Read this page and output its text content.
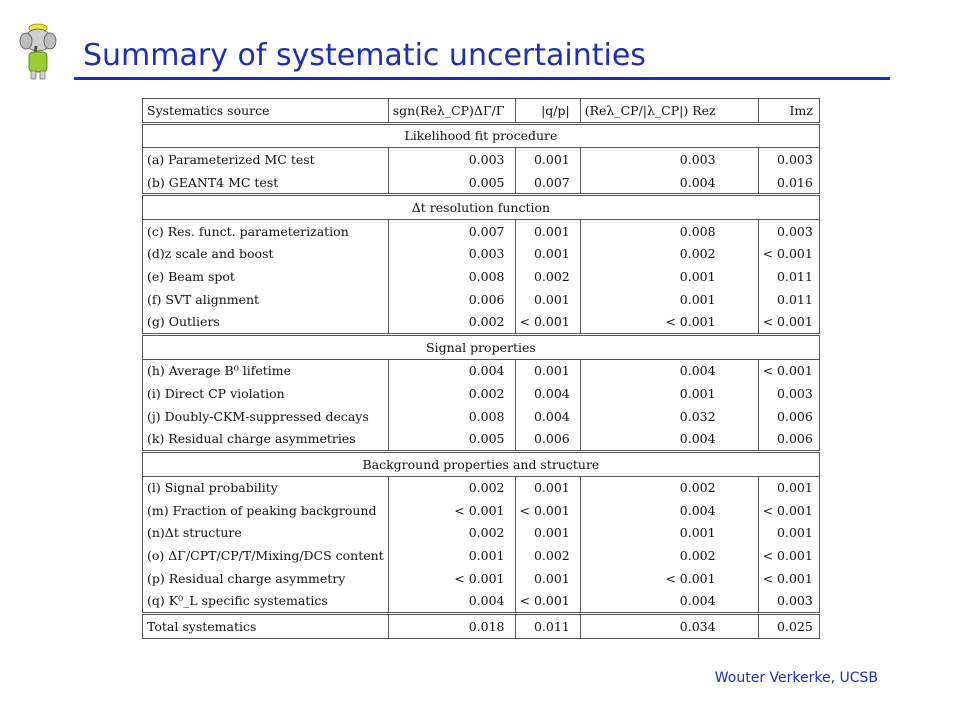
Summary of systematic uncertainties
Systematics source	sgn(Reλ_CP)ΔΓ/Γ	|q/p|	(Reλ_CP/|λ_CP|) Rez	Imz
Likelihood fit procedure				
(a) Parameterized MC test	0.003	0.001	0.003	0.003
(b) GEANT4 MC test	0.005	0.007	0.004	0.016
Δt resolution function				
(c) Res. funct. parameterization	0.007	0.001	0.008	0.003
(d)z scale and boost	0.003	0.001	0.002	< 0.001
(e) Beam spot	0.008	0.002	0.001	0.011
(f) SVT alignment	0.006	0.001	0.001	0.011
(g) Outliers	0.002	< 0.001	< 0.001	< 0.001
Signal properties				
(h) Average B⁰ lifetime	0.004	0.001	0.004	< 0.001
(i) Direct CP violation	0.002	0.004	0.001	0.003
(j) Doubly-CKM-suppressed decays	0.008	0.004	0.032	0.006
(k) Residual charge asymmetries	0.005	0.006	0.004	0.006
Background properties and structure				
(l) Signal probability	0.002	0.001	0.002	0.001
(m) Fraction of peaking background	< 0.001	< 0.001	0.004	< 0.001
(n)Δt structure	0.002	0.001	0.001	0.001
(o) ΔΓ/CPT/CP/T/Mixing/DCS content	0.001	0.002	0.002	< 0.001
(p) Residual charge asymmetry	< 0.001	0.001	< 0.001	< 0.001
(q) K⁰_L specific systematics	0.004	< 0.001	0.004	0.003
Total systematics	0.018	0.011	0.034	0.025
Wouter Verkerke, UCSB
